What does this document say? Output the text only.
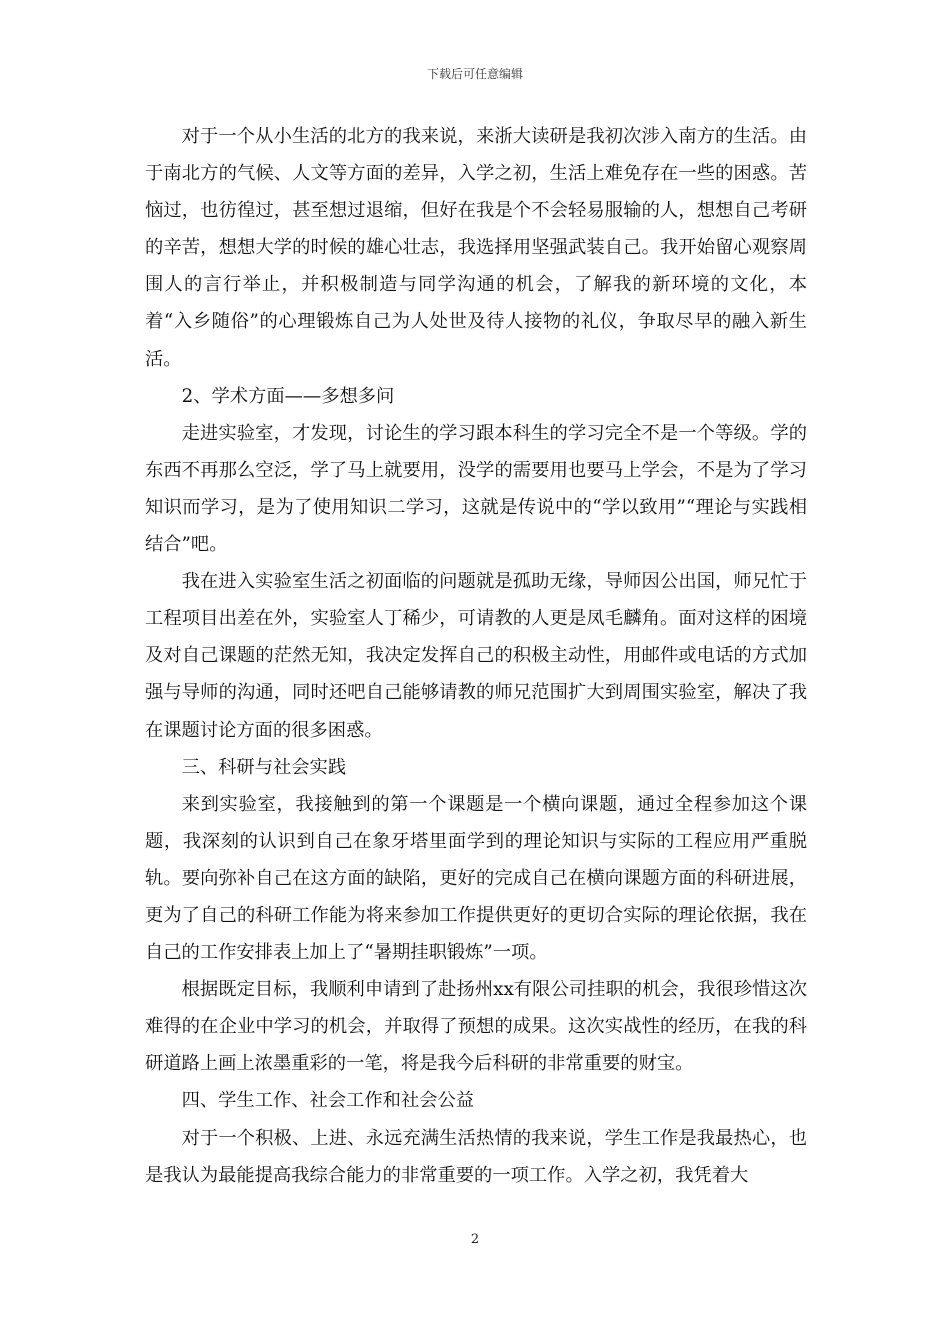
下载后可任意编辑

对于一个从小生活的北方的我来说，来浙大读研是我初次涉入南方的生活。由于南北方的气候、人文等方面的差异，入学之初，生活上难免存在一些的困惑。苦恼过，也彷徨过，甚至想过退缩，但好在我是个不会轻易服输的人，想想自己考研的辛苦，想想大学的时候的雄心壮志，我选择用坚强武装自己。我开始留心观察周围人的言行举止，并积极制造与同学沟通的机会，了解我的新环境的文化，本着“入乡随俗”的心理锻炼自己为人处世及待人接物的礼仪，争取尽早的融入新生活。

2、学术方面——多想多问

走进实验室，才发现，讨论生的学习跟本科生的学习完全不是一个等级。学的东西不再那么空泛，学了马上就要用，没学的需要用也要马上学会，不是为了学习知识而学习，是为了使用知识二学习，这就是传说中的“学以致用”“理论与实践相结合”吧。

我在进入实验室生活之初面临的问题就是孤助无缘，导师因公出国，师兄忙于工程项目出差在外，实验室人丁稀少，可请教的人更是凤毛麟角。面对这样的困境及对自己课题的茫然无知，我决定发挥自己的积极主动性，用邮件或电话的方式加强与导师的沟通，同时还吧自己能够请教的师兄范围扩大到周围实验室，解决了我在课题讨论方面的很多困惑。

三、科研与社会实践

来到实验室，我接触到的第一个课题是一个横向课题，通过全程参加这个课题，我深刻的认识到自己在象牙塔里面学到的理论知识与实际的工程应用严重脱轨。要向弥补自己在这方面的缺陷，更好的完成自己在横向课题方面的科研进展，更为了自己的科研工作能为将来参加工作提供更好的更切合实际的理论依据，我在自己的工作安排表上加上了“暑期挂职锻炼”一项。

根据既定目标，我顺利申请到了赴扬州xx有限公司挂职的机会，我很珍惜这次难得的在企业中学习的机会，并取得了预想的成果。这次实战性的经历，在我的科研道路上画上浓墨重彩的一笔，将是我今后科研的非常重要的财宝。

四、学生工作、社会工作和社会公益

对于一个积极、上进、永远充满生活热情的我来说，学生工作是我最热心，也是我认为最能提高我综合能力的非常重要的一项工作。入学之初，我凭着大

2
